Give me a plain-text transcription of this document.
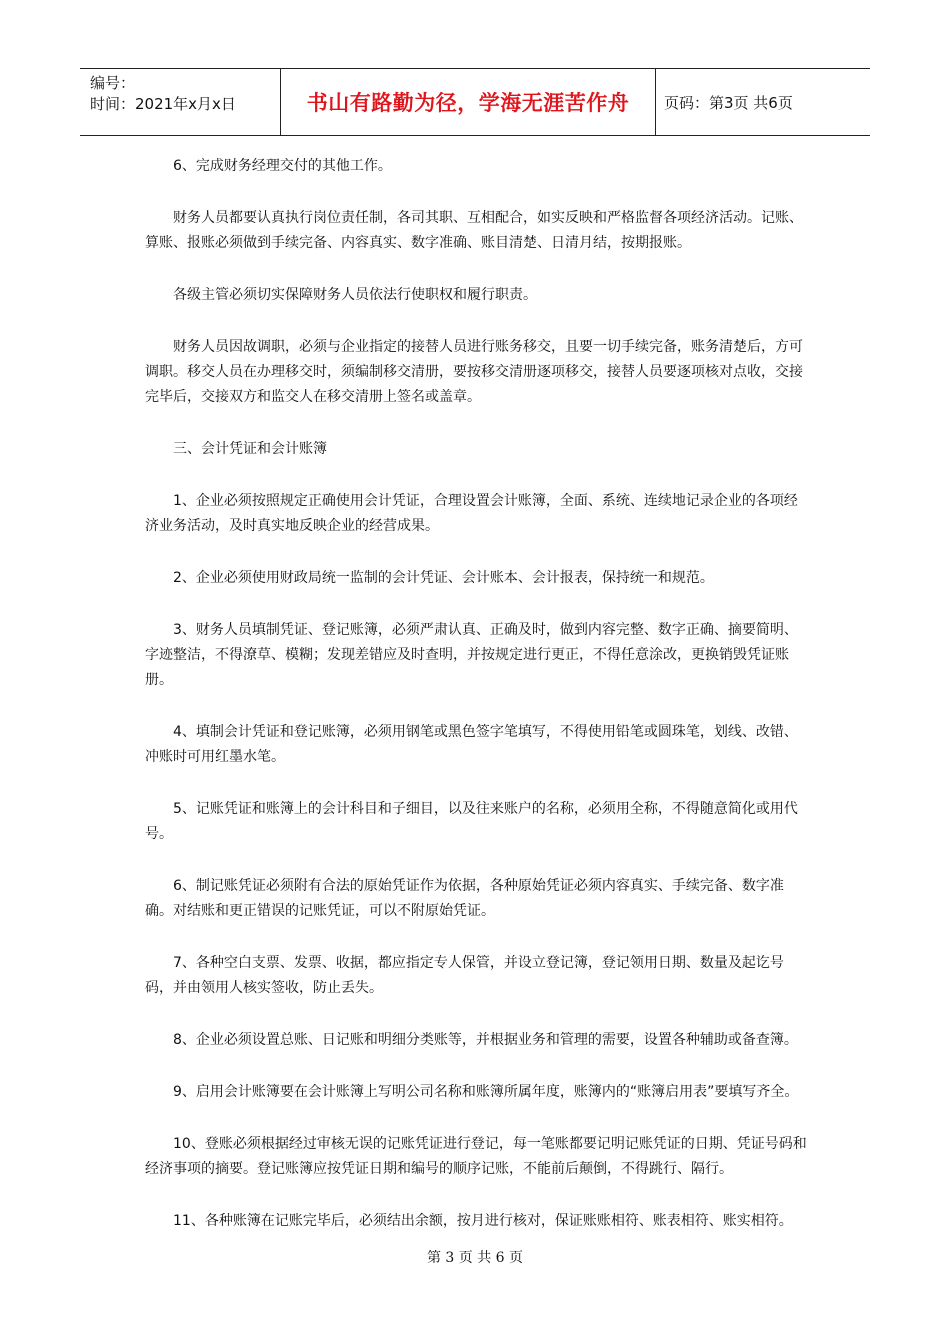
编号：
时间：2021年x月x日	书山有路勤为径，学海无涯苦作舟 页码：第3页 共6页

6、完成财务经理交付的其他工作。

财务人员都要认真执行岗位责任制，各司其职、互相配合，如实反映和严格监督各项经济活动。记账、算账、报账必须做到手续完备、内容真实、数字准确、账目清楚、日清月结，按期报账。

各级主管必须切实保障财务人员依法行使职权和履行职责。

财务人员因故调职，必须与企业指定的接替人员进行账务移交，且要一切手续完备，账务清楚后，方可调职。移交人员在办理移交时，须编制移交清册，要按移交清册逐项移交，接替人员要逐项核对点收，交接完毕后，交接双方和监交人在移交清册上签名或盖章。

三、会计凭证和会计账簿

1、企业必须按照规定正确使用会计凭证，合理设置会计账簿，全面、系统、连续地记录企业的各项经济业务活动，及时真实地反映企业的经营成果。

2、企业必须使用财政局统一监制的会计凭证、会计账本、会计报表，保持统一和规范。

3、财务人员填制凭证、登记账簿，必须严肃认真、正确及时，做到内容完整、数字正确、摘要简明、字迹整洁，不得潦草、模糊；发现差错应及时查明，并按规定进行更正，不得任意涂改，更换销毁凭证账册。

4、填制会计凭证和登记账簿，必须用钢笔或黑色签字笔填写，不得使用铅笔或圆珠笔，划线、改错、冲账时可用红墨水笔。

5、记账凭证和账簿上的会计科目和子细目，以及往来账户的名称，必须用全称，不得随意简化或用代号。

6、制记账凭证必须附有合法的原始凭证作为依据，各种原始凭证必须内容真实、手续完备、数字准确。对结账和更正错误的记账凭证，可以不附原始凭证。

7、各种空白支票、发票、收据，都应指定专人保管，并设立登记簿，登记领用日期、数量及起讫号码，并由领用人核实签收，防止丢失。

8、企业必须设置总账、日记账和明细分类账等，并根据业务和管理的需要，设置各种辅助或备查簿。

9、启用会计账簿要在会计账簿上写明公司名称和账簿所属年度，账簿内的“账簿启用表”要填写齐全。

10、登账必须根据经过审核无误的记账凭证进行登记，每一笔账都要记明记账凭证的日期、凭证号码和经济事项的摘要。登记账簿应按凭证日期和编号的顺序记账，不能前后颠倒，不得跳行、隔行。

11、各种账簿在记账完毕后，必须结出余额，按月进行核对，保证账账相符、账表相符、账实相符。

第 3 页 共 6 页
